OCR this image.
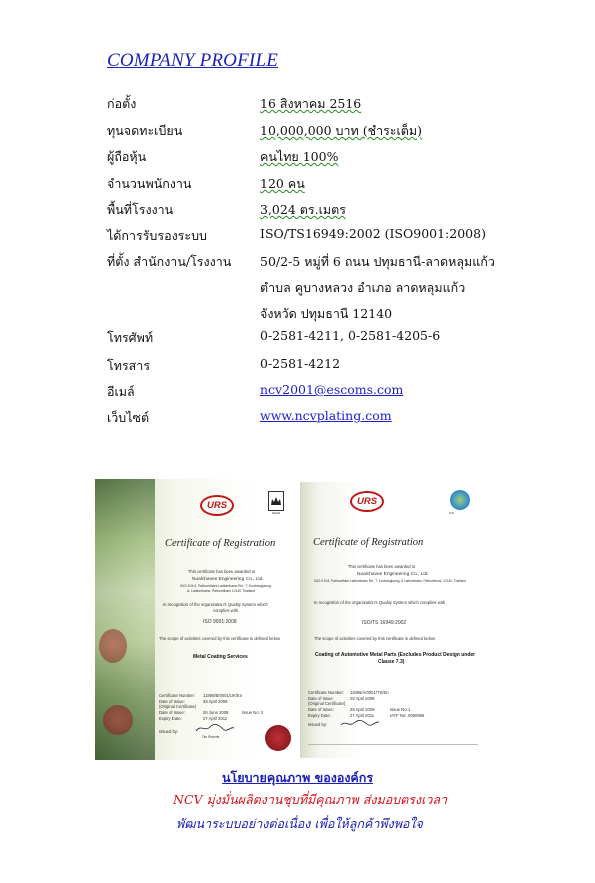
COMPANY PROFILE
ก่อตั้ง	16 สิงหาคม 2516
ทุนจดทะเบียน	10,000,000 บาท (ชำระเต็ม)
ผู้ถือหุ้น	คนไทย 100%
จำนวนพนักงาน	120 คน
พื้นที่โรงงาน	3,024 ตร.เมตร
ได้การรับรองระบบ	ISO/TS16949:2002 (ISO9001:2008)
ที่ตั้ง สำนักงาน/โรงงาน	50/2-5 หมู่ที่ 6 ถนน ปทุมธานี-ลาดหลุมแก้ว
ตำบล คูบางหลวง อำเภอ ลาดหลุมแก้ว
จังหวัด ปทุมธานี 12140
โทรศัพท์	0-2581-4211, 0-2581-4205-6
โทรสาร	0-2581-4212
อีเมล์	ncv2001@escoms.com
เว็บไซต์	www.ncvplating.com
URS
UKAS
Certificate of Registration
This certificate has been awarded to
Nualchavee Engineering Co., Ltd.
50/2-5 M.6, Pathumthani-Ladlumkaew Rd., T. Koobanglaung,
A. Ladlumkaew, Pathumthani 12140 Thailand
In recognition of the organization's Quality System which
complies with
ISO 9001:2008
The scope of activities covered by this certificate is defined below
Metal Coating Services
Certificate Number: 11896/B/0001/UK/En
Date of Issue:	28 April 2008
(Original Certificate)
Date of Issue:	26 June 2009	Issue No: 2
Expiry Date:	27 April 2011
Issued by:
Tim Roberts
URS
IAS
Certificate of Registration
This certificate has been awarded to
Nualchavee Engineering Co., Ltd.
50/2-5 M.6, Pathumthani-Ladlumkaew Rd., T. Koobanglaung, A.Ladlumkaew, Pathumthani, 12140, Thailand
In recognition of the organization's Quality System which complies with
ISO/TS 16949:2002
The scope of activities covered by this certificate is defined below
Coating of Automotive Metal Parts (Excludes Product Design under
Clause 7.3)
Certificate Number: 11896/A/0001/TS/En
Date of Issue:	28 April 2008
(Original Certificate)
Date of Issue:	28 April 2009	Issue No: 1
Expiry Date:	27 April 2011	IATF No: 0060995
Issued by:
นโยบายคุณภาพ ขององค์กร
NCV มุ่งมั่นผลิตงานชุบที่มีคุณภาพ ส่งมอบตรงเวลา
พัฒนาระบบอย่างต่อเนื่อง เพื่อให้ลูกค้าพึงพอใจ
